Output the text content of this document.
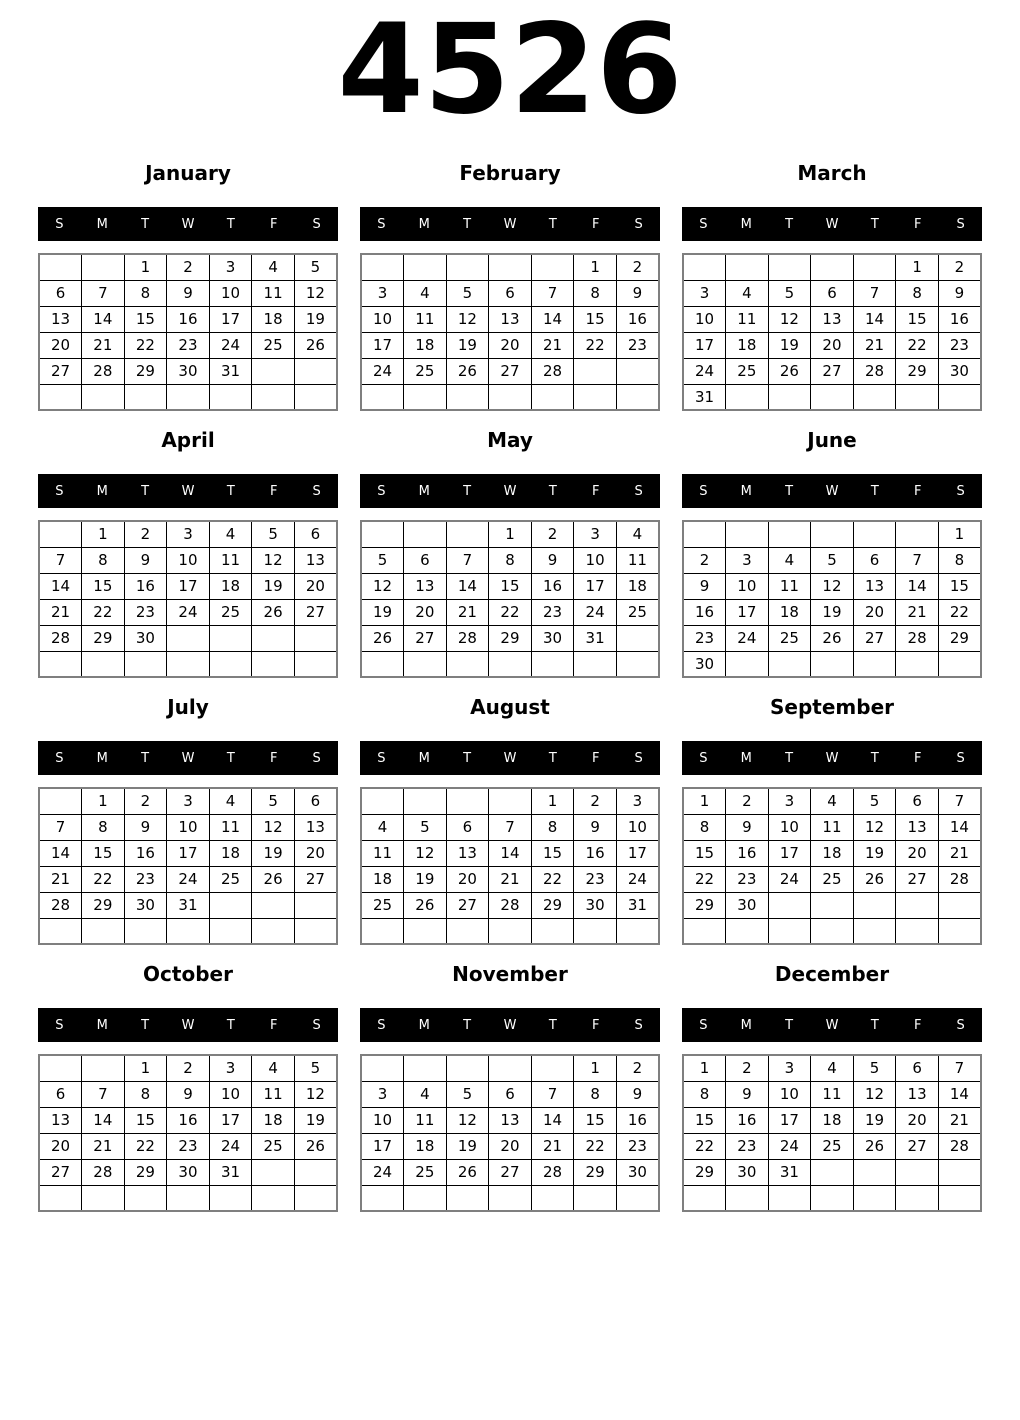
4526
January
S	M	T W T	F	S
		1	2	3	4	5
6	7	8	9	10	11	12
13	14	15	16	17	18	19
20	21	22	23	24	25	26
27	28	29	30	31		

February
S	M	T W T	F	S
					1	2
3	4	5	6	7	8	9
10	11	12	13	14	15	16
17	18	19	20	21	22	23
24	25	26	27	28		

March
S	M	T W T	F	S
					1	2
3	4	5	6	7	8	9
10	11	12	13	14	15	16
17	18	19	20	21	22	23
24	25	26	27	28	29	30
31						
April
S	M	T W T	F	S
	1	2	3	4	5	6
7	8	9	10	11	12	13
14	15	16	17	18	19	20
21	22	23	24	25	26	27
28	29	30				

May
S	M	T W T	F	S
			1	2	3	4
5	6	7	8	9	10	11
12	13	14	15	16	17	18
19	20	21	22	23	24	25
26	27	28	29	30	31	

June
S	M	T W T	F	S
						1
2	3	4	5	6	7	8
9	10	11	12	13	14	15
16	17	18	19	20	21	22
23	24	25	26	27	28	29
30						
July
S	M	T W T	F	S
	1	2	3	4	5	6
7	8	9	10	11	12	13
14	15	16	17	18	19	20
21	22	23	24	25	26	27
28	29	30	31			

August
S	M	T W T	F	S
				1	2	3
4	5	6	7	8	9	10
11	12	13	14	15	16	17
18	19	20	21	22	23	24
25	26	27	28	29	30	31

September
S	M	T W T	F	S
1	2	3	4	5	6	7
8	9	10	11	12	13	14
15	16	17	18	19	20	21
22	23	24	25	26	27	28
29	30					

October
S	M	T W T	F	S
		1	2	3	4	5
6	7	8	9	10	11	12
13	14	15	16	17	18	19
20	21	22	23	24	25	26
27	28	29	30	31		

November
S	M	T W T	F	S
					1	2
3	4	5	6	7	8	9
10	11	12	13	14	15	16
17	18	19	20	21	22	23
24	25	26	27	28	29	30

December
S	M	T W T	F	S
1	2	3	4	5	6	7
8	9	10	11	12	13	14
15	16	17	18	19	20	21
22	23	24	25	26	27	28
29	30	31				
